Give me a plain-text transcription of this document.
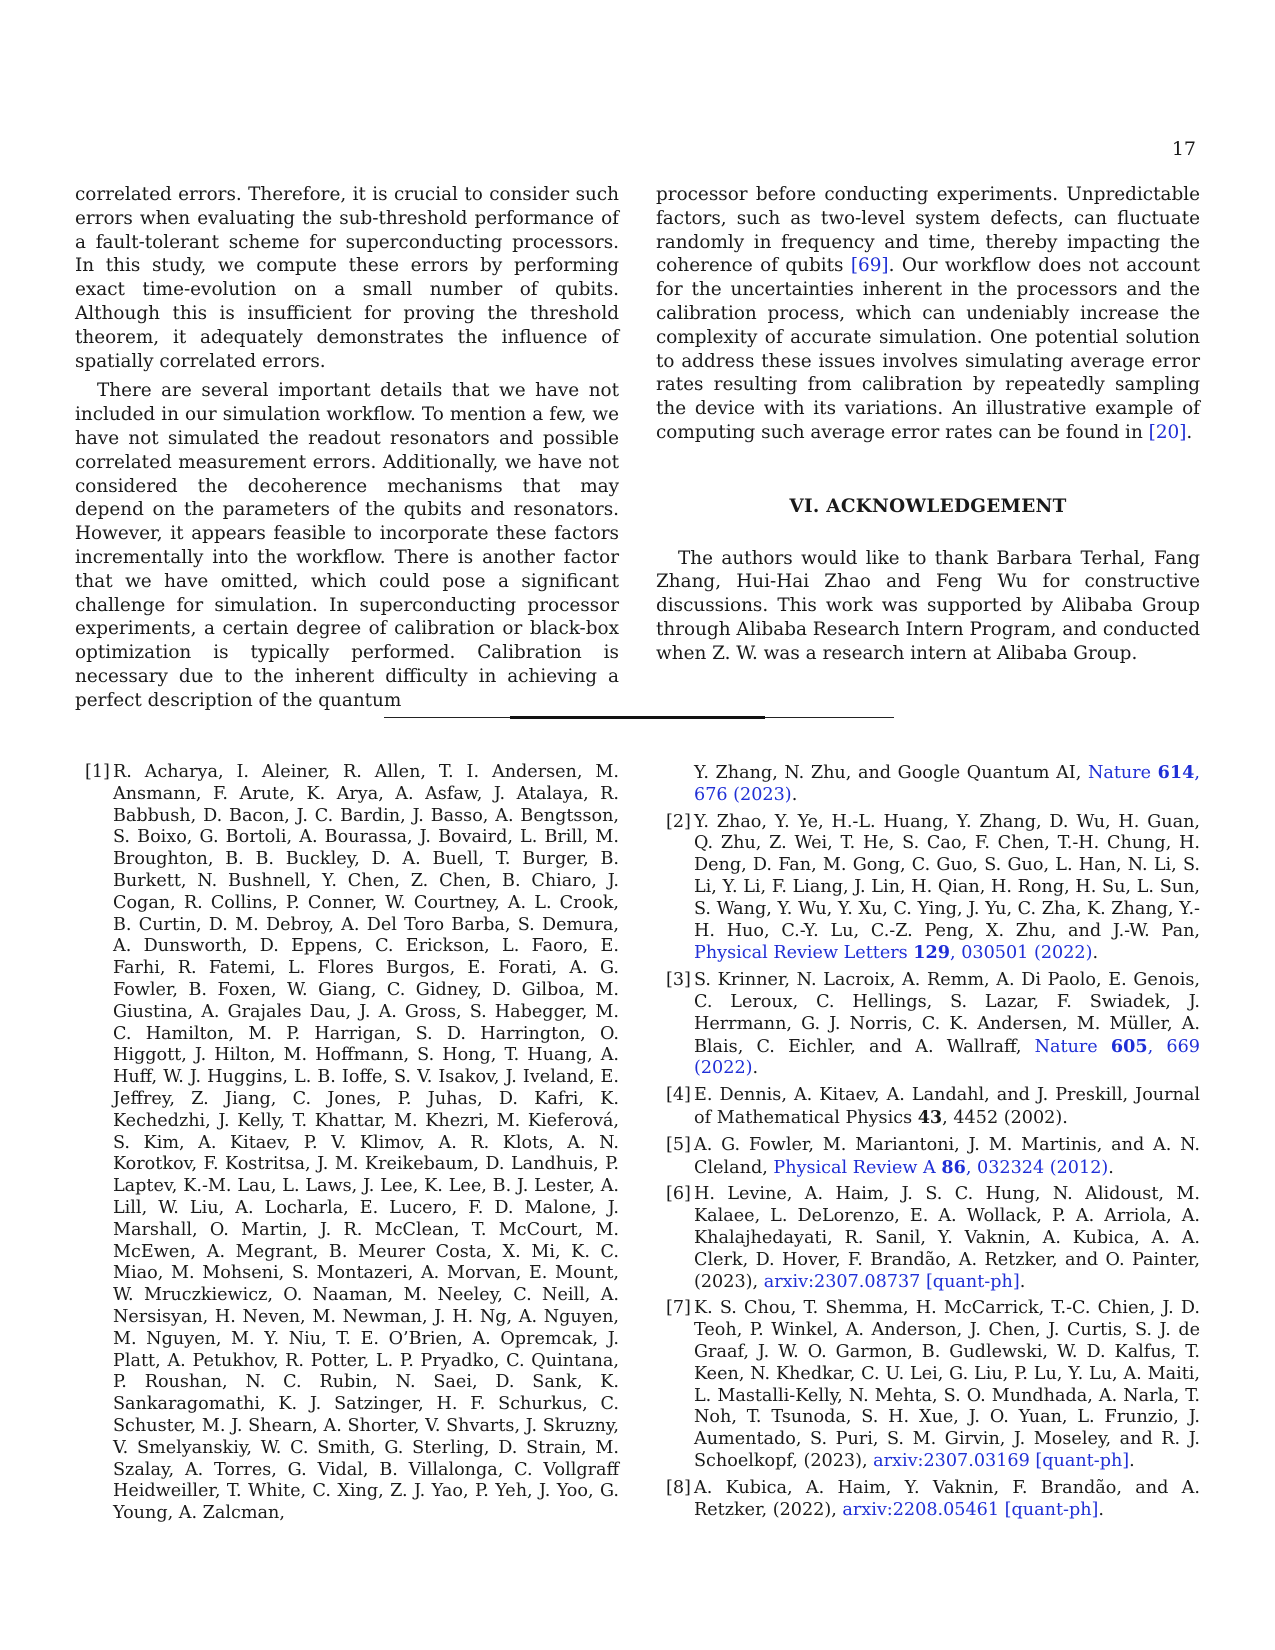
17

correlated errors. Therefore, it is crucial to consider such errors when evaluating the sub-threshold performance of a fault-tolerant scheme for superconducting processors. In this study, we compute these errors by performing exact time-evolution on a small number of qubits. Although this is insufficient for proving the threshold theorem, it adequately demonstrates the influence of spatially correlated errors.

There are several important details that we have not included in our simulation workflow. To mention a few, we have not simulated the readout resonators and possible correlated measurement errors. Additionally, we have not considered the decoherence mechanisms that may depend on the parameters of the qubits and resonators. However, it appears feasible to incorporate these factors incrementally into the workflow. There is another factor that we have omitted, which could pose a significant challenge for simulation. In superconducting processor experiments, a certain degree of calibration or black-box optimization is typically performed. Calibration is necessary due to the inherent difficulty in achieving a perfect description of the quantum

processor before conducting experiments. Unpredictable factors, such as two-level system defects, can fluctuate randomly in frequency and time, thereby impacting the coherence of qubits [69]. Our workflow does not account for the uncertainties inherent in the processors and the calibration process, which can undeniably increase the complexity of accurate simulation. One potential solution to address these issues involves simulating average error rates resulting from calibration by repeatedly sampling the device with its variations. An illustrative example of computing such average error rates can be found in [20].

VI. ACKNOWLEDGEMENT

The authors would like to thank Barbara Terhal, Fang Zhang, Hui-Hai Zhao and Feng Wu for constructive discussions. This work was supported by Alibaba Group through Alibaba Research Intern Program, and conducted when Z. W. was a research intern at Alibaba Group.

[1] R. Acharya, I. Aleiner, R. Allen, T. I. Andersen, M. Ansmann, F. Arute, K. Arya, A. Asfaw, J. Atalaya, R. Babbush, D. Bacon, J. C. Bardin, J. Basso, A. Bengtsson, S. Boixo, G. Bortoli, A. Bourassa, J. Bovaird, L. Brill, M. Broughton, B. B. Buckley, D. A. Buell, T. Burger, B. Burkett, N. Bushnell, Y. Chen, Z. Chen, B. Chiaro, J. Cogan, R. Collins, P. Conner, W. Courtney, A. L. Crook, B. Curtin, D. M. Debroy, A. Del Toro Barba, S. Demura, A. Dunsworth, D. Eppens, C. Erickson, L. Faoro, E. Farhi, R. Fatemi, L. Flores Burgos, E. Forati, A. G. Fowler, B. Foxen, W. Giang, C. Gidney, D. Gilboa, M. Giustina, A. Grajales Dau, J. A. Gross, S. Habegger, M. C. Hamilton, M. P. Harrigan, S. D. Harrington, O. Higgott, J. Hilton, M. Hoffmann, S. Hong, T. Huang, A. Huff, W. J. Huggins, L. B. Ioffe, S. V. Isakov, J. Iveland, E. Jeffrey, Z. Jiang, C. Jones, P. Juhas, D. Kafri, K. Kechedzhi, J. Kelly, T. Khattar, M. Khezri, M. Kieferová, S. Kim, A. Kitaev, P. V. Klimov, A. R. Klots, A. N. Korotkov, F. Kostritsa, J. M. Kreikebaum, D. Landhuis, P. Laptev, K.-M. Lau, L. Laws, J. Lee, K. Lee, B. J. Lester, A. Lill, W. Liu, A. Locharla, E. Lucero, F. D. Malone, J. Marshall, O. Martin, J. R. McClean, T. McCourt, M. McEwen, A. Megrant, B. Meurer Costa, X. Mi, K. C. Miao, M. Mohseni, S. Montazeri, A. Morvan, E. Mount, W. Mruczkiewicz, O. Naaman, M. Neeley, C. Neill, A. Nersisyan, H. Neven, M. Newman, J. H. Ng, A. Nguyen, M. Nguyen, M. Y. Niu, T. E. O’Brien, A. Opremcak, J. Platt, A. Petukhov, R. Potter, L. P. Pryadko, C. Quintana, P. Roushan, N. C. Rubin, N. Saei, D. Sank, K. Sankaragomathi, K. J. Satzinger, H. F. Schurkus, C. Schuster, M. J. Shearn, A. Shorter, V. Shvarts, J. Skruzny, V. Smelyanskiy, W. C. Smith, G. Sterling, D. Strain, M. Szalay, A. Torres, G. Vidal, B. Villalonga, C. Vollgraff Heidweiller, T. White, C. Xing, Z. J. Yao, P. Yeh, J. Yoo, G. Young, A. Zalcman,
Y. Zhang, N. Zhu, and Google Quantum AI, Nature 614, 676 (2023).
[2] Y. Zhao, Y. Ye, H.-L. Huang, Y. Zhang, D. Wu, H. Guan, Q. Zhu, Z. Wei, T. He, S. Cao, F. Chen, T.-H. Chung, H. Deng, D. Fan, M. Gong, C. Guo, S. Guo, L. Han, N. Li, S. Li, Y. Li, F. Liang, J. Lin, H. Qian, H. Rong, H. Su, L. Sun, S. Wang, Y. Wu, Y. Xu, C. Ying, J. Yu, C. Zha, K. Zhang, Y.-H. Huo, C.-Y. Lu, C.-Z. Peng, X. Zhu, and J.-W. Pan, Physical Review Letters 129, 030501 (2022).
[3] S. Krinner, N. Lacroix, A. Remm, A. Di Paolo, E. Genois, C. Leroux, C. Hellings, S. Lazar, F. Swiadek, J. Herrmann, G. J. Norris, C. K. Andersen, M. Müller, A. Blais, C. Eichler, and A. Wallraff, Nature 605, 669 (2022).
[4] E. Dennis, A. Kitaev, A. Landahl, and J. Preskill, Journal of Mathematical Physics 43, 4452 (2002).
[5] A. G. Fowler, M. Mariantoni, J. M. Martinis, and A. N. Cleland, Physical Review A 86, 032324 (2012).
[6] H. Levine, A. Haim, J. S. C. Hung, N. Alidoust, M. Kalaee, L. DeLorenzo, E. A. Wollack, P. A. Arriola, A. Khalajhedayati, R. Sanil, Y. Vaknin, A. Kubica, A. A. Clerk, D. Hover, F. Brandão, A. Retzker, and O. Painter, (2023), arxiv:2307.08737 [quant-ph].
[7] K. S. Chou, T. Shemma, H. McCarrick, T.-C. Chien, J. D. Teoh, P. Winkel, A. Anderson, J. Chen, J. Curtis, S. J. de Graaf, J. W. O. Garmon, B. Gudlewski, W. D. Kalfus, T. Keen, N. Khedkar, C. U. Lei, G. Liu, P. Lu, Y. Lu, A. Maiti, L. Mastalli-Kelly, N. Mehta, S. O. Mundhada, A. Narla, T. Noh, T. Tsunoda, S. H. Xue, J. O. Yuan, L. Frunzio, J. Aumentado, S. Puri, S. M. Girvin, J. Moseley, and R. J. Schoelkopf, (2023), arxiv:2307.03169 [quant-ph].
[8] A. Kubica, A. Haim, Y. Vaknin, F. Brandão, and A. Retzker, (2022), arxiv:2208.05461 [quant-ph].
